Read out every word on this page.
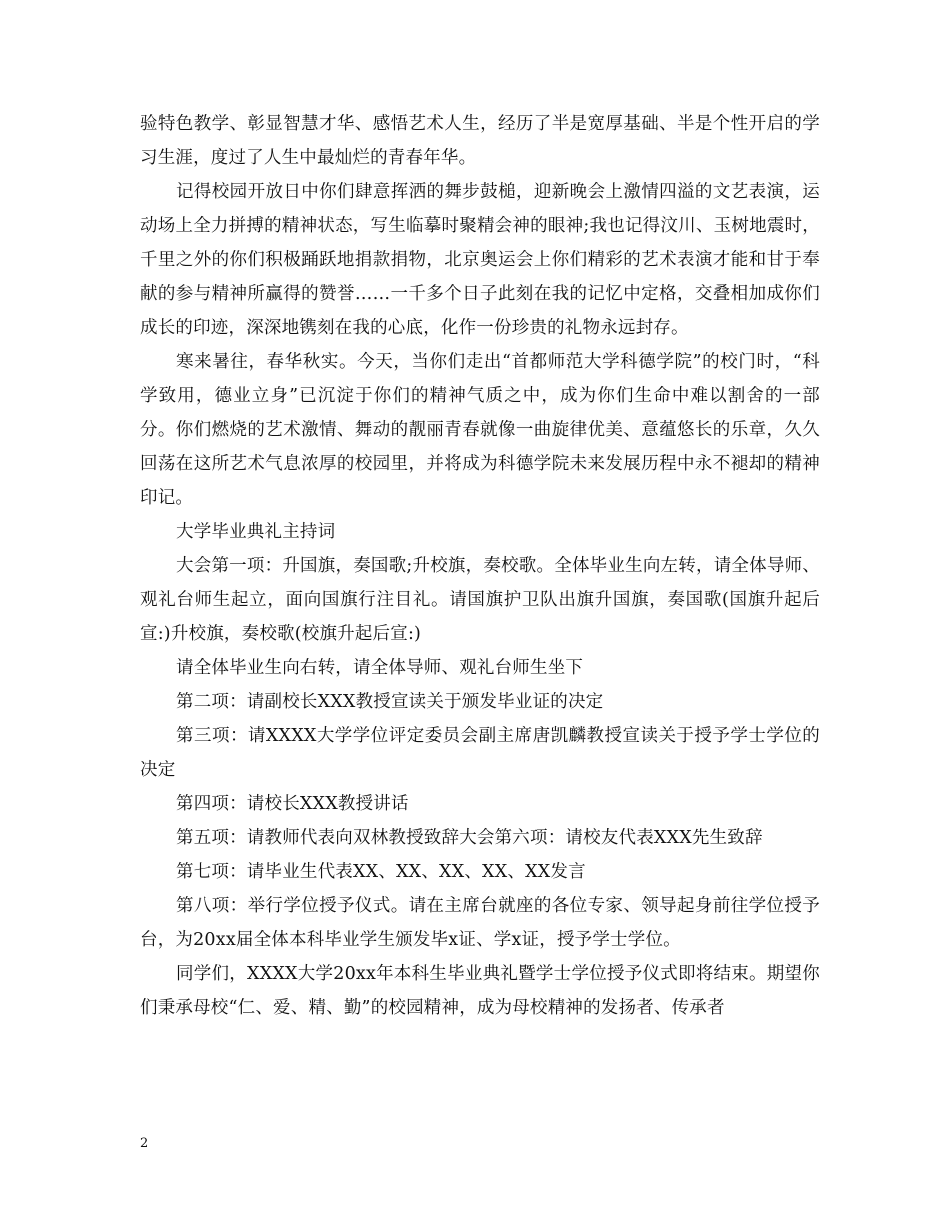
验特色教学、彰显智慧才华、感悟艺术人生，经历了半是宽厚基础、半是个性开启的学习生涯，度过了人生中最灿烂的青春年华。

记得校园开放日中你们肆意挥洒的舞步鼓槌，迎新晚会上激情四溢的文艺表演，运动场上全力拼搏的精神状态，写生临摹时聚精会神的眼神;我也记得汶川、玉树地震时，千里之外的你们积极踊跃地捐款捐物，北京奥运会上你们精彩的艺术表演才能和甘于奉献的参与精神所赢得的赞誉……一千多个日子此刻在我的记忆中定格，交叠相加成你们成长的印迹，深深地镌刻在我的心底，化作一份珍贵的礼物永远封存。

寒来暑往，春华秋实。今天，当你们走出“首都师范大学科德学院”的校门时，“科学致用，德业立身”已沉淀于你们的精神气质之中，成为你们生命中难以割舍的一部分。你们燃烧的艺术激情、舞动的靓丽青春就像一曲旋律优美、意蕴悠长的乐章，久久回荡在这所艺术气息浓厚的校园里，并将成为科德学院未来发展历程中永不褪却的精神印记。

大学毕业典礼主持词

大会第一项：升国旗，奏国歌;升校旗，奏校歌。全体毕业生向左转，请全体导师、观礼台师生起立，面向国旗行注目礼。请国旗护卫队出旗升国旗，奏国歌(国旗升起后宣:)升校旗，奏校歌(校旗升起后宣:)

请全体毕业生向右转，请全体导师、观礼台师生坐下

第二项：请副校长XXX教授宣读关于颁发毕业证的决定

第三项：请XXXX大学学位评定委员会副主席唐凯麟教授宣读关于授予学士学位的决定

第四项：请校长XXX教授讲话

第五项：请教师代表向双林教授致辞大会第六项：请校友代表XXX先生致辞

第七项：请毕业生代表XX、XX、XX、XX、XX发言

第八项：举行学位授予仪式。请在主席台就座的各位专家、领导起身前往学位授予台，为20xx届全体本科毕业学生颁发毕x证、学x证，授予学士学位。

同学们，XXXX大学20xx年本科生毕业典礼暨学士学位授予仪式即将结束。期望你们秉承母校“仁、爱、精、勤”的校园精神，成为母校精神的发扬者、传承者

2
